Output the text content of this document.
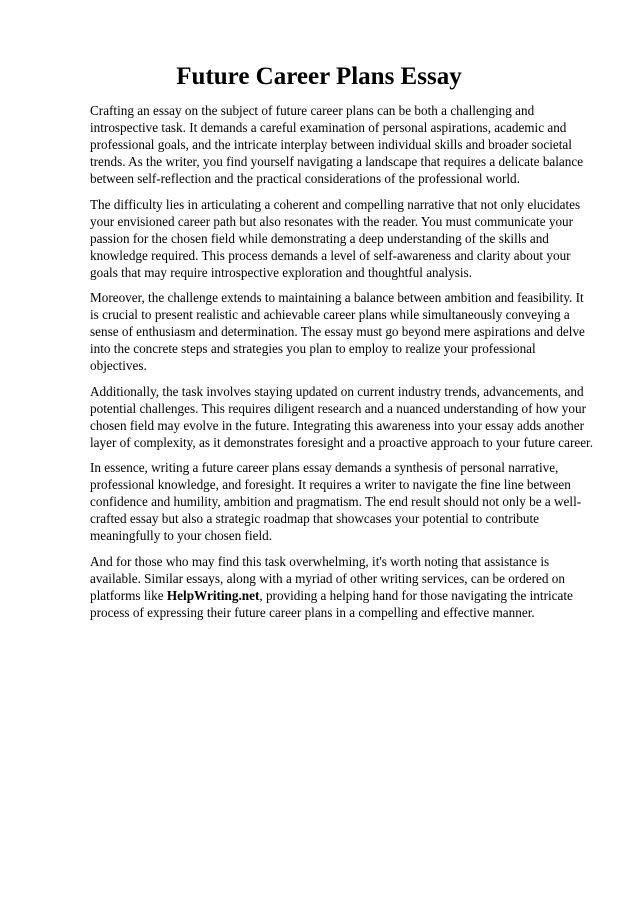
Future Career Plans Essay

Crafting an essay on the subject of future career plans can be both a challenging and introspective task. It demands a careful examination of personal aspirations, academic and professional goals, and the intricate interplay between individual skills and broader societal trends. As the writer, you find yourself navigating a landscape that requires a delicate balance between self-reflection and the practical considerations of the professional world.

The difficulty lies in articulating a coherent and compelling narrative that not only elucidates your envisioned career path but also resonates with the reader. You must communicate your passion for the chosen field while demonstrating a deep understanding of the skills and knowledge required. This process demands a level of self-awareness and clarity about your goals that may require introspective exploration and thoughtful analysis.

Moreover, the challenge extends to maintaining a balance between ambition and feasibility. It is crucial to present realistic and achievable career plans while simultaneously conveying a sense of enthusiasm and determination. The essay must go beyond mere aspirations and delve into the concrete steps and strategies you plan to employ to realize your professional objectives.

Additionally, the task involves staying updated on current industry trends, advancements, and potential challenges. This requires diligent research and a nuanced understanding of how your chosen field may evolve in the future. Integrating this awareness into your essay adds another layer of complexity, as it demonstrates foresight and a proactive approach to your future career.

In essence, writing a future career plans essay demands a synthesis of personal narrative, professional knowledge, and foresight. It requires a writer to navigate the fine line between confidence and humility, ambition and pragmatism. The end result should not only be a well-crafted essay but also a strategic roadmap that showcases your potential to contribute meaningfully to your chosen field.

And for those who may find this task overwhelming, it's worth noting that assistance is available. Similar essays, along with a myriad of other writing services, can be ordered on platforms like HelpWriting.net, providing a helping hand for those navigating the intricate process of expressing their future career plans in a compelling and effective manner.
